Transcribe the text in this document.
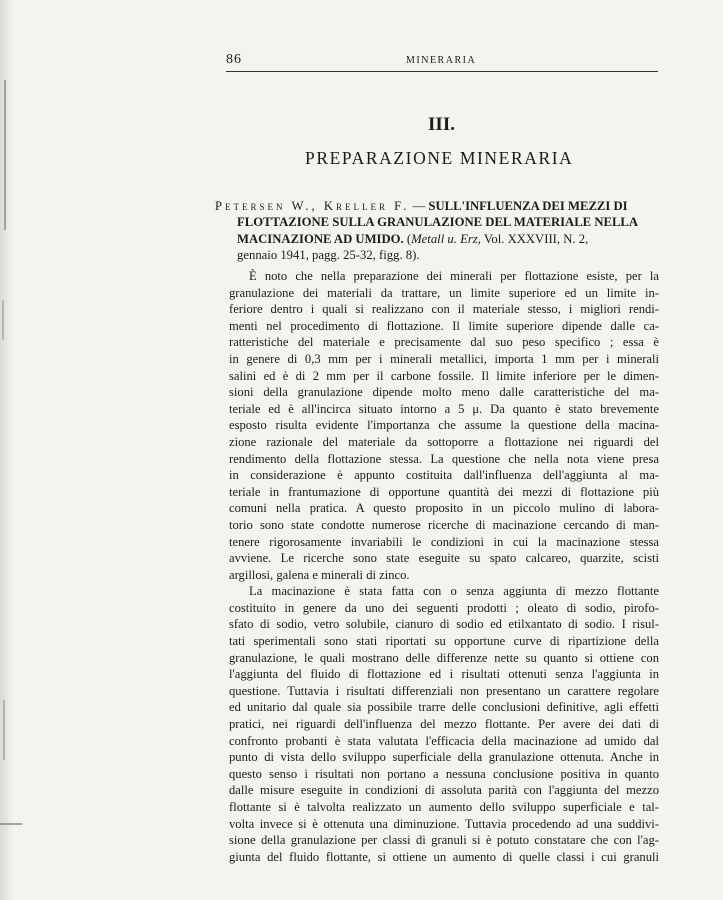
86	MINERARIA
III.
PREPARAZIONE MINERARIA
Petersen W., Kreller F. — SULL'INFLUENZA DEI MEZZI DI
FLOTTAZIONE SULLA GRANULAZIONE DEL MATERIALE NELLA
MACINAZIONE AD UMIDO. (Metall u. Erz, Vol. XXXVIII, N. 2,
gennaio 1941, pagg. 25-32, figg. 8).
È noto che nella preparazione dei minerali per flottazione esiste, per la
granulazione dei materiali da trattare, un limite superiore ed un limite in-
feriore dentro i quali si realizzano con il materiale stesso, i migliori rendi-
menti nel procedimento di flottazione. Il limite superiore dipende dalle ca-
ratteristiche del materiale e precisamente dal suo peso specifico ; essa è
in genere di 0,3 mm per i minerali metallici, importa 1 mm per i minerali
salini ed è di 2 mm per il carbone fossile. Il limite inferiore per le dimen-
sioni della granulazione dipende molto meno dalle caratteristiche del ma-
teriale ed è all'incirca situato intorno a 5 μ. Da quanto è stato brevemente
esposto risulta evidente l'importanza che assume la questione della macina-
zione razionale del materiale da sottoporre a flottazione nei riguardi del
rendimento della flottazione stessa. La questione che nella nota viene presa
in considerazione è appunto costituita dall'influenza dell'aggiunta al ma-
teriale in frantumazione di opportune quantità dei mezzi di flottazione più
comuni nella pratica. A questo proposito in un piccolo mulino di labora-
torio sono state condotte numerose ricerche di macinazione cercando di man-
tenere rigorosamente invariabili le condizioni in cui la macinazione stessa
avviene. Le ricerche sono state eseguite su spato calcareo, quarzite, scisti
argillosi, galena e minerali di zinco.
La macinazione è stata fatta con o senza aggiunta di mezzo flottante
costituito in genere da uno dei seguenti prodotti ; oleato di sodio, pirofo-
sfato di sodio, vetro solubile, cianuro di sodio ed etilxantato di sodio. I risul-
tati sperimentali sono stati riportati su opportune curve di ripartizione della
granulazione, le quali mostrano delle differenze nette su quanto si ottiene con
l'aggiunta del fluido di flottazione ed i risultati ottenuti senza l'aggiunta in
questione. Tuttavia i risultati differenziali non presentano un carattere regolare
ed unitario dal quale sia possibile trarre delle conclusioni definitive, agli effetti
pratici, nei riguardi dell'influenza del mezzo flottante. Per avere dei dati di
confronto probanti è stata valutata l'efficacia della macinazione ad umido dal
punto di vista dello sviluppo superficiale della granulazione ottenuta. Anche in
questo senso i risultati non portano a nessuna conclusione positiva in quanto
dalle misure eseguite in condizioni di assoluta parità con l'aggiunta del mezzo
flottante si è talvolta realizzato un aumento dello sviluppo superficiale e tal-
volta invece si è ottenuta una diminuzione. Tuttavia procedendo ad una suddivi-
sione della granulazione per classi di granuli si è potuto constatare che con l'ag-
giunta del fluido flottante, si ottiene un aumento di quelle classi i cui granuli
